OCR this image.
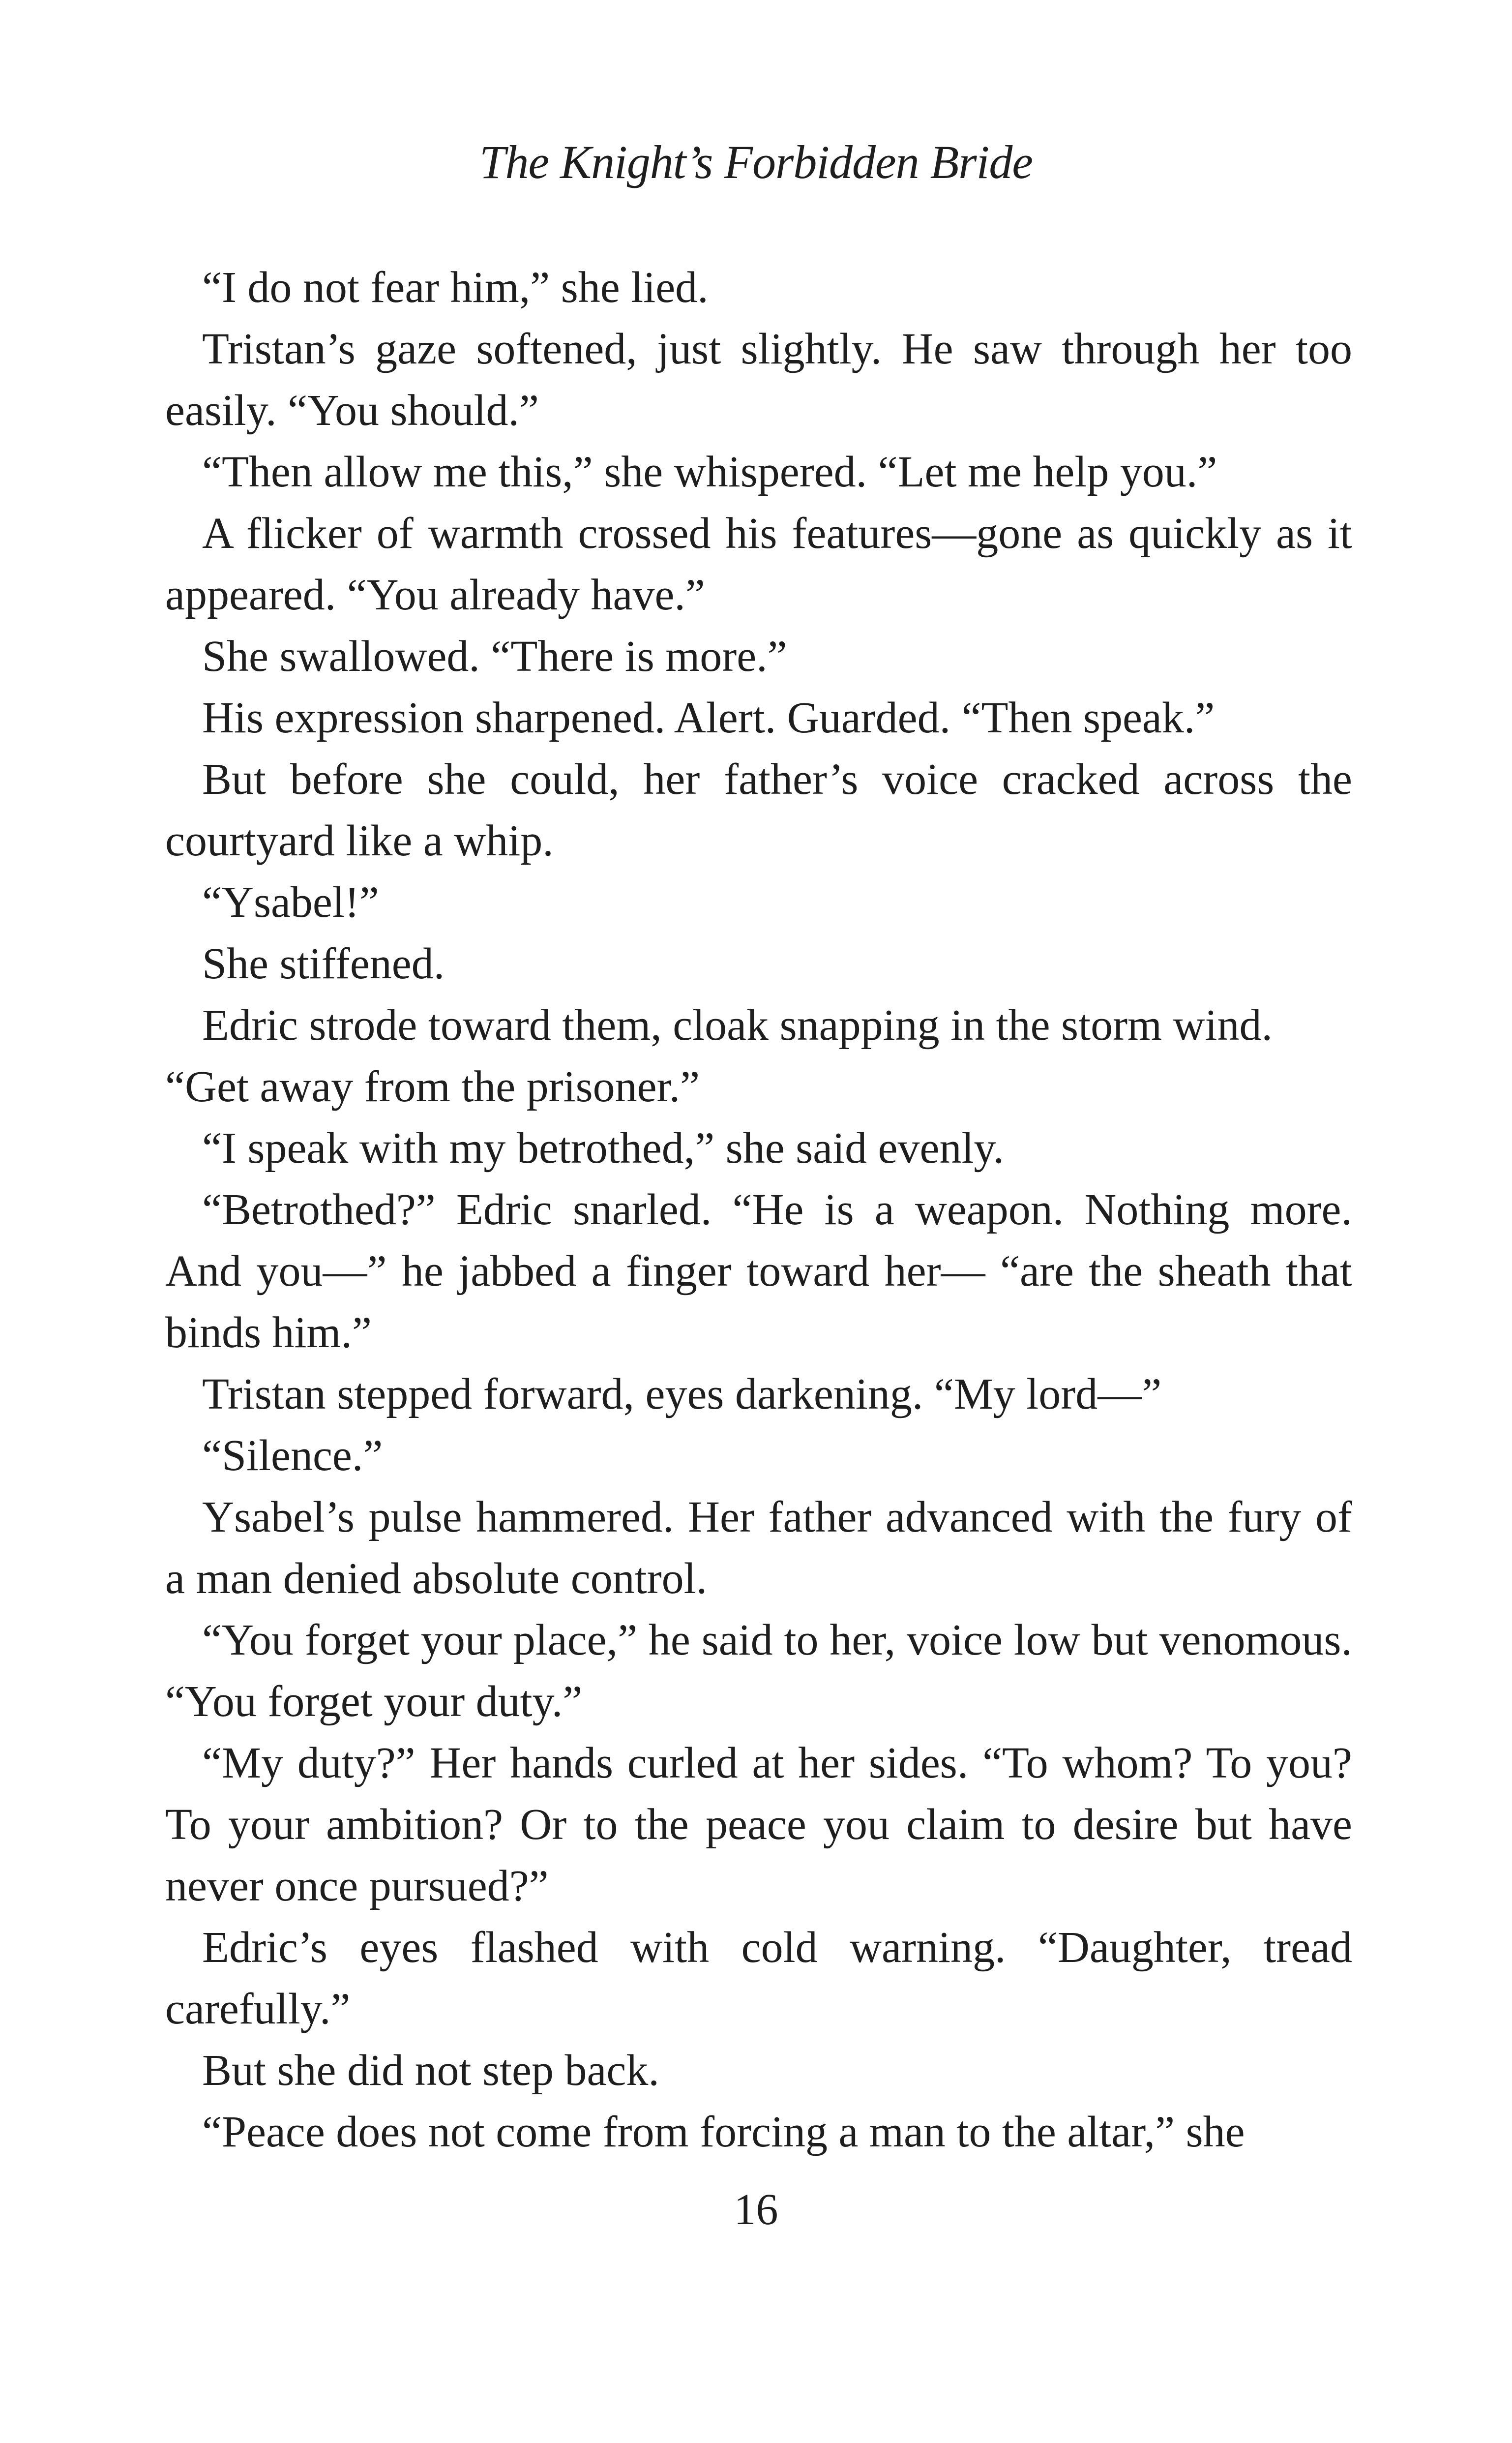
The Knight’s Forbidden Bride

“I do not fear him,” she lied.

Tristan’s gaze softened, just slightly. He saw through her too easily. “You should.”

“Then allow me this,” she whispered. “Let me help you.”

A flicker of warmth crossed his features—gone as quickly as it appeared. “You already have.”

She swallowed. “There is more.”

His expression sharpened. Alert. Guarded. “Then speak.”

But before she could, her father’s voice cracked across the courtyard like a whip.

“Ysabel!”

She stiffened.

Edric strode toward them, cloak snapping in the storm wind.

“Get away from the prisoner.”

“I speak with my betrothed,” she said evenly.

“Betrothed?” Edric snarled. “He is a weapon. Nothing more. And you—” he jabbed a finger toward her— “are the sheath that binds him.”

Tristan stepped forward, eyes darkening. “My lord—”

“Silence.”

Ysabel’s pulse hammered. Her father advanced with the fury of a man denied absolute control.

“You forget your place,” he said to her, voice low but venomous. “You forget your duty.”

“My duty?” Her hands curled at her sides. “To whom? To you? To your ambition? Or to the peace you claim to desire but have never once pursued?”

Edric’s eyes flashed with cold warning. “Daughter, tread carefully.”

But she did not step back.

“Peace does not come from forcing a man to the altar,” she

16
